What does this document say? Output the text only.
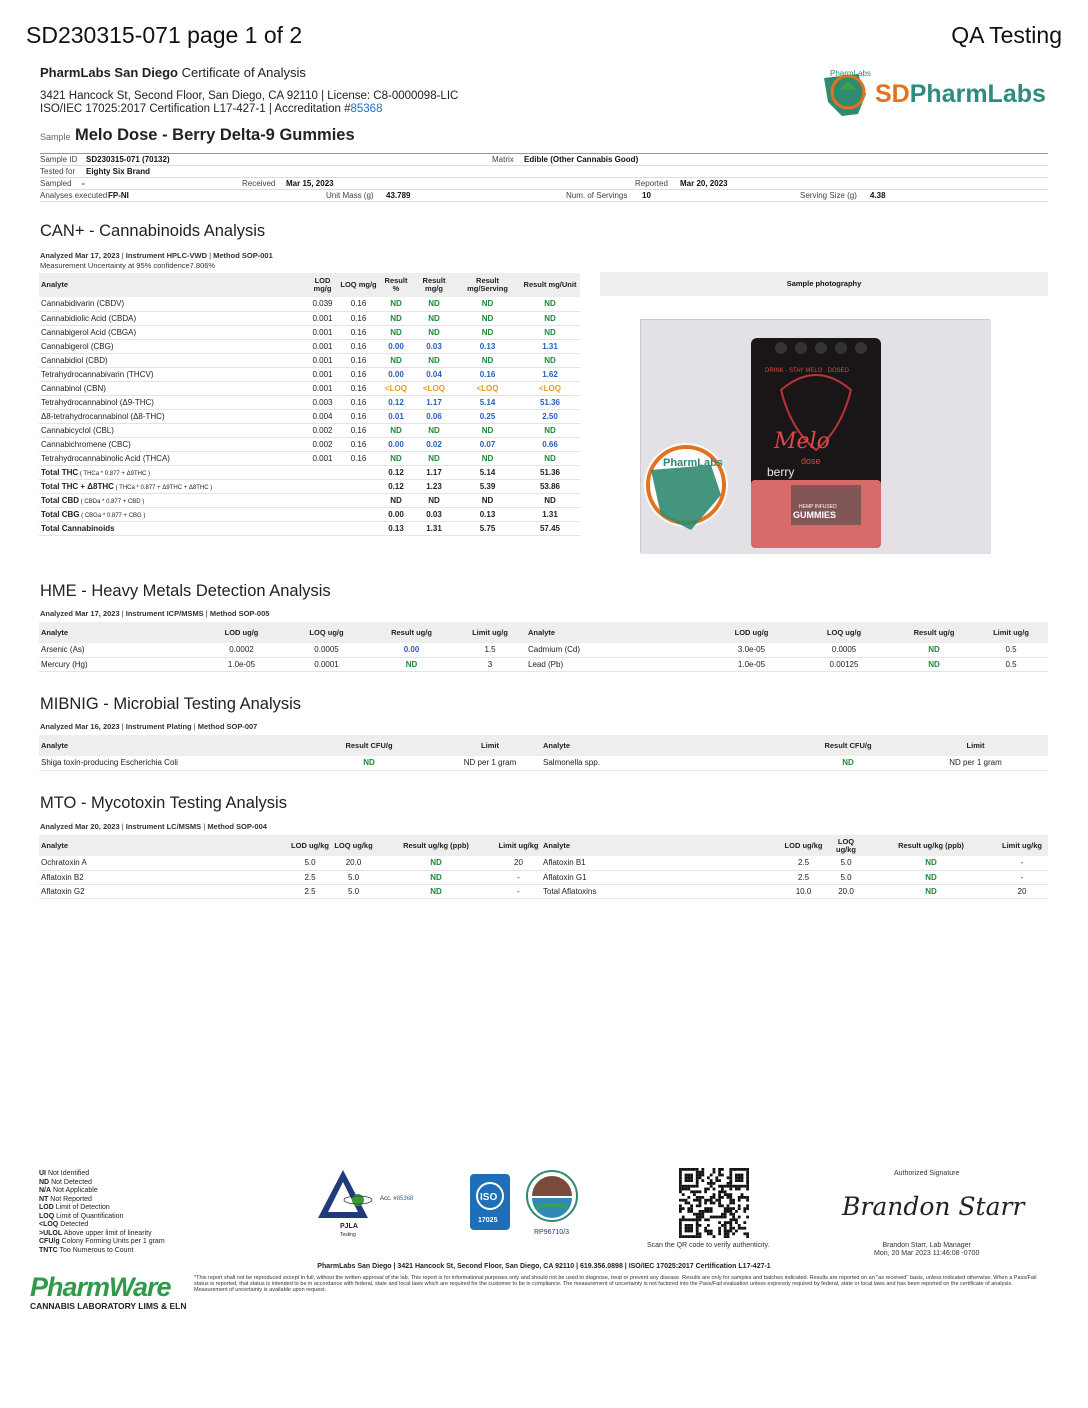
SD230315-071 page 1 of 2	QA Testing
PharmLabs San Diego Certificate of Analysis
3421 Hancock St, Second Floor, San Diego, CA 92110 | License: C8-0000098-LIC
ISO/IEC 17025:2017 Certification L17-427-1 | Accreditation #85368
PharmLabs
SDPharmLabs
Sample Melo Dose - Berry Delta-9 Gummies
Sample ID SD230315-071 (70132)	Matrix Edible (Other Cannabis Good)
Tested for Eighty Six Brand
Sampled -	Received Mar 15, 2023	Reported Mar 20, 2023
Analyses executed FP-NI	Unit Mass (g) 43.789	Num. of Servings 10	Serving Size (g) 4.38
CAN+ - Cannabinoids Analysis
Analyzed Mar 17, 2023 | Instrument HPLC-VWD | Method SOP-001
Measurement Uncertainty at 95% confidence7.806%
Analyte	LOD mg/g	LOQ mg/g	Result %	Result mg/g	Result mg/Serving	Result mg/Unit
Cannabidivarin (CBDV)	0.039	0.16	ND	ND	ND	ND
Cannabidiolic Acid (CBDA)	0.001	0.16	ND	ND	ND	ND
Cannabigerol Acid (CBGA)	0.001	0.16	ND	ND	ND	ND
Cannabigerol (CBG)	0.001	0.16	0.00	0.03	0.13	1.31
Cannabidiol (CBD)	0.001	0.16	ND	ND	ND	ND
Tetrahydrocannabivarin (THCV)	0.001	0.16	0.00	0.04	0.16	1.62
Cannabinol (CBN)	0.001	0.16	<LOQ	<LOQ	<LOQ	<LOQ
Tetrahydrocannabinol (Δ9-THC)	0.003	0.16	0.12	1.17	5.14	51.36
Δ8-tetrahydrocannabinol (Δ8-THC)	0.004	0.16	0.01	0.06	0.25	2.50
Cannabicyclol (CBL)	0.002	0.16	ND	ND	ND	ND
Cannabichromene (CBC)	0.002	0.16	0.00	0.02	0.07	0.66
Tetrahydrocannabinolic Acid (THCA)	0.001	0.16	ND	ND	ND	ND
Total THC ( THCa * 0.877 + Δ9THC )			0.12	1.17	5.14	51.36
Total THC + Δ8THC ( THCa * 0.877 + Δ9THC + Δ8THC )			0.12	1.23	5.39	53.86
Total CBD ( CBDa * 0.877 + CBD )			ND	ND	ND	ND
Total CBG ( CBGa * 0.877 + CBG )			0.00	0.03	0.13	1.31
Total Cannabinoids			0.13	1.31	5.75	57.45
Sample photography
DRINK · STAY MELO · DOSED
Melo
dose
berry
HEMP INFUSED
GUMMIES
PharmLabs
HME - Heavy Metals Detection Analysis
Analyzed Mar 17, 2023 | Instrument ICP/MSMS | Method SOP-005
Analyte	LOD ug/g	LOQ ug/g	Result ug/g	Limit ug/g	Analyte	LOD ug/g	LOQ ug/g	Result ug/g	Limit ug/g
Arsenic (As)	0.0002	0.0005	0.00	1.5	Cadmium (Cd)	3.0e-05	0.0005	ND	0.5
Mercury (Hg)	1.0e-05	0.0001	ND	3	Lead (Pb)	1.0e-05	0.00125	ND	0.5
MIBNIG - Microbial Testing Analysis
Analyzed Mar 16, 2023 | Instrument Plating | Method SOP-007
Analyte	Result CFU/g	Limit	Analyte	Result CFU/g	Limit
Shiga toxin-producing Escherichia Coli	ND	ND per 1 gram	Salmonella spp.	ND	ND per 1 gram
MTO - Mycotoxin Testing Analysis
Analyzed Mar 20, 2023 | Instrument LC/MSMS | Method SOP-004
Analyte	LOD ug/kg	LOQ ug/kg	Result ug/kg (ppb)	Limit ug/kg	Analyte	LOD ug/kg	LOQ ug/kg	Result ug/kg (ppb)	Limit ug/kg
Ochratoxin A	5.0	20.0	ND	20	Aflatoxin B1	2.5	5.0	ND	-
Aflatoxin B2	2.5	5.0	ND	-	Aflatoxin G1	2.5	5.0	ND	-
Aflatoxin G2	2.5	5.0	ND	-	Total Aflatoxins	10.0	20.0	ND	20
UI Not Identified
ND Not Detected
N/A Not Applicable
NT Not Reported
LOD Limit of Detection
LOQ Limit of Quantification
<LOQ Detected
>ULOL Above upper limit of linearity
CFU/g Colony Forming Units per 1 gram
TNTC Too Numerous to Count
PJLA
Testing
Acc. #85368	ISO
17025
RP96710/3
Scan the QR code to verify authenticity.
Authorized Signature
Brandon Starr
Brandon Starr, Lab Manager
Mon, 20 Mar 2023 11:46:08 -0700
PharmLabs San Diego | 3421 Hancock St, Second Floor, San Diego, CA 92110 | 619.356.0898 | ISO/IEC 17025:2017 Certification L17-427-1
*This report shall not be reproduced except in full, without the written approval of the lab. This report is for informational purposes only and should not be used to diagnose, treat or prevent any disease. Results are only for samples and batches indicated. Results are reported on an "as received" basis, unless indicated otherwise. When a Pass/Fail status is reported, that status is intended to be in accordance with federal, state and local laws which are required for the customer to be in compliance. The measurement of uncertainty is not factored into the Pass/Fail evaluation unless expressly required by federal, state or local laws and has been reported on the certificate of analysis. Measurement of uncertainty is available upon request.
PharmWare
CANNABIS LABORATORY LIMS & ELN
